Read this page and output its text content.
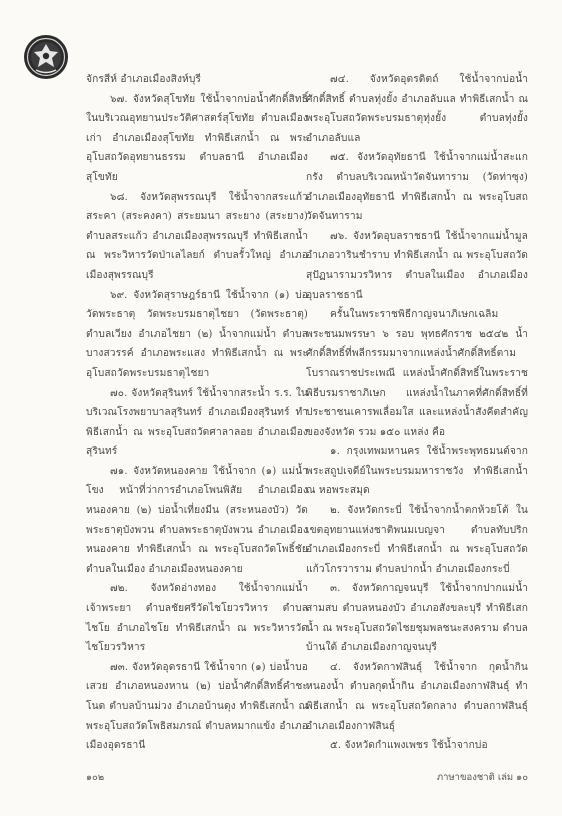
จักรสีห์ อำเภอเมืองสิงห์บุรี

๖๗. จังหวัดสุโขทัย ใช้น้ำจากบ่อน้ำศักดิ์สิทธิ์ ในบริเวณอุทยานประวัติศาสตร์สุโขทัย ตำบลเมืองเก่า อำเภอเมืองสุโขทัย ทำพิธีเสกน้ำ ณ พระอุโบสถวัดอุทยานธรรม ตำบลธานี อำเภอเมืองสุโขทัย

๖๘. จังหวัดสุพรรณบุรี ใช้น้ำจากสระแก้ว สระคา (สระคงคา) สระยมนา สระยาง (สระยาง) ตำบลสระแก้ว อำเภอเมืองสุพรรณบุรี ทำพิธีเสกน้ำ ณ พระวิหารวัดป่าเลไลยก์ ตำบลรั้วใหญ่ อำเภอเมืองสุพรรณบุรี

๖๙. จังหวัดสุราษฎร์ธานี ใช้น้ำจาก (๑) บ่อวัดพระธาตุ วัดพระบรมธาตุไชยา (วัดพระธาตุ) ตำบลเวียง อำเภอไชยา (๒) น้ำจากแม่น้ำ ตำบลบางสวรรค์ อำเภอพระแสง ทำพิธีเสกน้ำ ณ พระอุโบสถวัดพระบรมธาตุไชยา

๗๐. จังหวัดสุรินทร์ ใช้น้ำจากสระน้ำ ร.ร. ในบริเวณโรงพยาบาลสุรินทร์ อำเภอเมืองสุรินทร์ ทำพิธีเสกน้ำ ณ พระอุโบสถวัดศาลาลอย อำเภอเมืองสุรินทร์

๗๑. จังหวัดหนองคาย ใช้น้ำจาก (๑) แม่น้ำโขง หน้าที่ว่าการอำเภอโพนพิสัย อำเภอเมืองหนองคาย (๒) บ่อน้ำเที่ยงมีน (สระหนองบัว) วัดพระธาตุบังพวน ตำบลพระธาตุบังพวน อำเภอเมืองหนองคาย ทำพิธีเสกน้ำ ณ พระอุโบสถวัดโพธิ์ชัย ตำบลในเมือง อำเภอเมืองหนองคาย

๗๒. จังหวัดอ่างทอง ใช้น้ำจากแม่น้ำเจ้าพระยา ตำบลชัยศรีวัดไชโยวรวิหาร ตำบลไชโย อำเภอไชโย ทำพิธีเสกน้ำ ณ พระวิหารวัดไชโยวรวิหาร

๗๓. จังหวัดอุดรธานี ใช้น้ำจาก (๑) บ่อน้ำบอเสวย อำเภอหนองหาน (๒) บ่อน้ำศักดิ์สิทธิ์คำชะโนด ตำบลบ้านม่วง อำเภอบ้านดุง ทำพิธีเสกน้ำ ณ พระอุโบสถวัดโพธิสมภรณ์ ตำบลหมากแข้ง อำเภอเมืองอุดรธานี

๗๔. จังหวัดอุตรดิตถ์ ใช้น้ำจากบ่อน้ำศักดิ์สิทธิ์ ตำบลทุ่งยั้ง อำเภอลับแล ทำพิธีเสกน้ำ ณ พระอุโบสถวัดพระบรมธาตุทุ่งยั้ง ตำบลทุ่งยั้ง อำเภอลับแล

๗๕. จังหวัดอุทัยธานี ใช้น้ำจากแม่น้ำสะแกกรัง ตำบลบริเวณหน้าวัดจันทาราม (วัดท่าซุง) อำเภอเมืองอุทัยธานี ทำพิธีเสกน้ำ ณ พระอุโบสถวัดจันทาราม

๗๖. จังหวัดอุบลราชธานี ใช้น้ำจากแม่น้ำมูลอำเภอวารินชำราบ ทำพิธีเสกน้ำ ณ พระอุโบสถวัดสุปัฏนารามวรวิหาร ตำบลในเมือง อำเภอเมืองอุบลราชธานี

ครั้นในพระราชพิธีกาญจนาภิเษกเฉลิมพระชนมพรรษา ๖ รอบ พุทธศักราช ๒๕๔๒ น้ำศักดิ์สิทธิ์ที่พลีกรรมมาจากแหล่งน้ำศักดิ์สิทธิ์ตามโบราณราชประเพณี แหล่งน้ำศักดิ์สิทธิ์ในพระราชพิธีบรมราชาภิเษก แหล่งน้ำในภาคที่ศักดิ์สิทธิ์ที่ประชาชนเคารพเลื่อมใส และแหล่งน้ำสังคีตสำคัญของจังหวัด รวม ๑๕๐ แหล่ง คือ

๑. กรุงเทพมหานคร ใช้น้ำพระพุทธมนต์จากพระสถูปเจดีย์ในพระบรมมหาราชวัง ทำพิธีเสกน้ำ ณ หอพระสมุด

๒. จังหวัดกระบี่ ใช้น้ำจากน้ำตกห้วยโต้ ในเขตอุทยานแห่งชาติพนมเบญจา ตำบลทับปริก อำเภอเมืองกระบี่ ทำพิธีเสกน้ำ ณ พระอุโบสถวัดแก้วโกรวาราม ตำบลปากน้ำ อำเภอเมืองกระบี่

๓. จังหวัดกาญจนบุรี ใช้น้ำจากปากแม่น้ำสามสบ ตำบลหนองบัว อำเภอสังขละบุรี ทำพิธีเสกน้ำ ณ พระอุโบสถวัดไชยชุมพลชนะสงคราม ตำบลบ้านใต้ อำเภอเมืองกาญจนบุรี

๔. จังหวัดกาฬสินธุ์ ใช้น้ำจาก กุดน้ำกิน หนองน้ำ ตำบลกุดน้ำกิน อำเภอเมืองกาฬสินธุ์ ทำพิธีเสกน้ำ ณ พระอุโบสถวัดกลาง ตำบลกาฬสินธุ์ อำเภอเมืองกาฬสินธุ์

๕. จังหวัดกำแพงเพชร ใช้น้ำจากบ่อ

๑๐๒	ภาษาของชาติ เล่ม ๑๐
